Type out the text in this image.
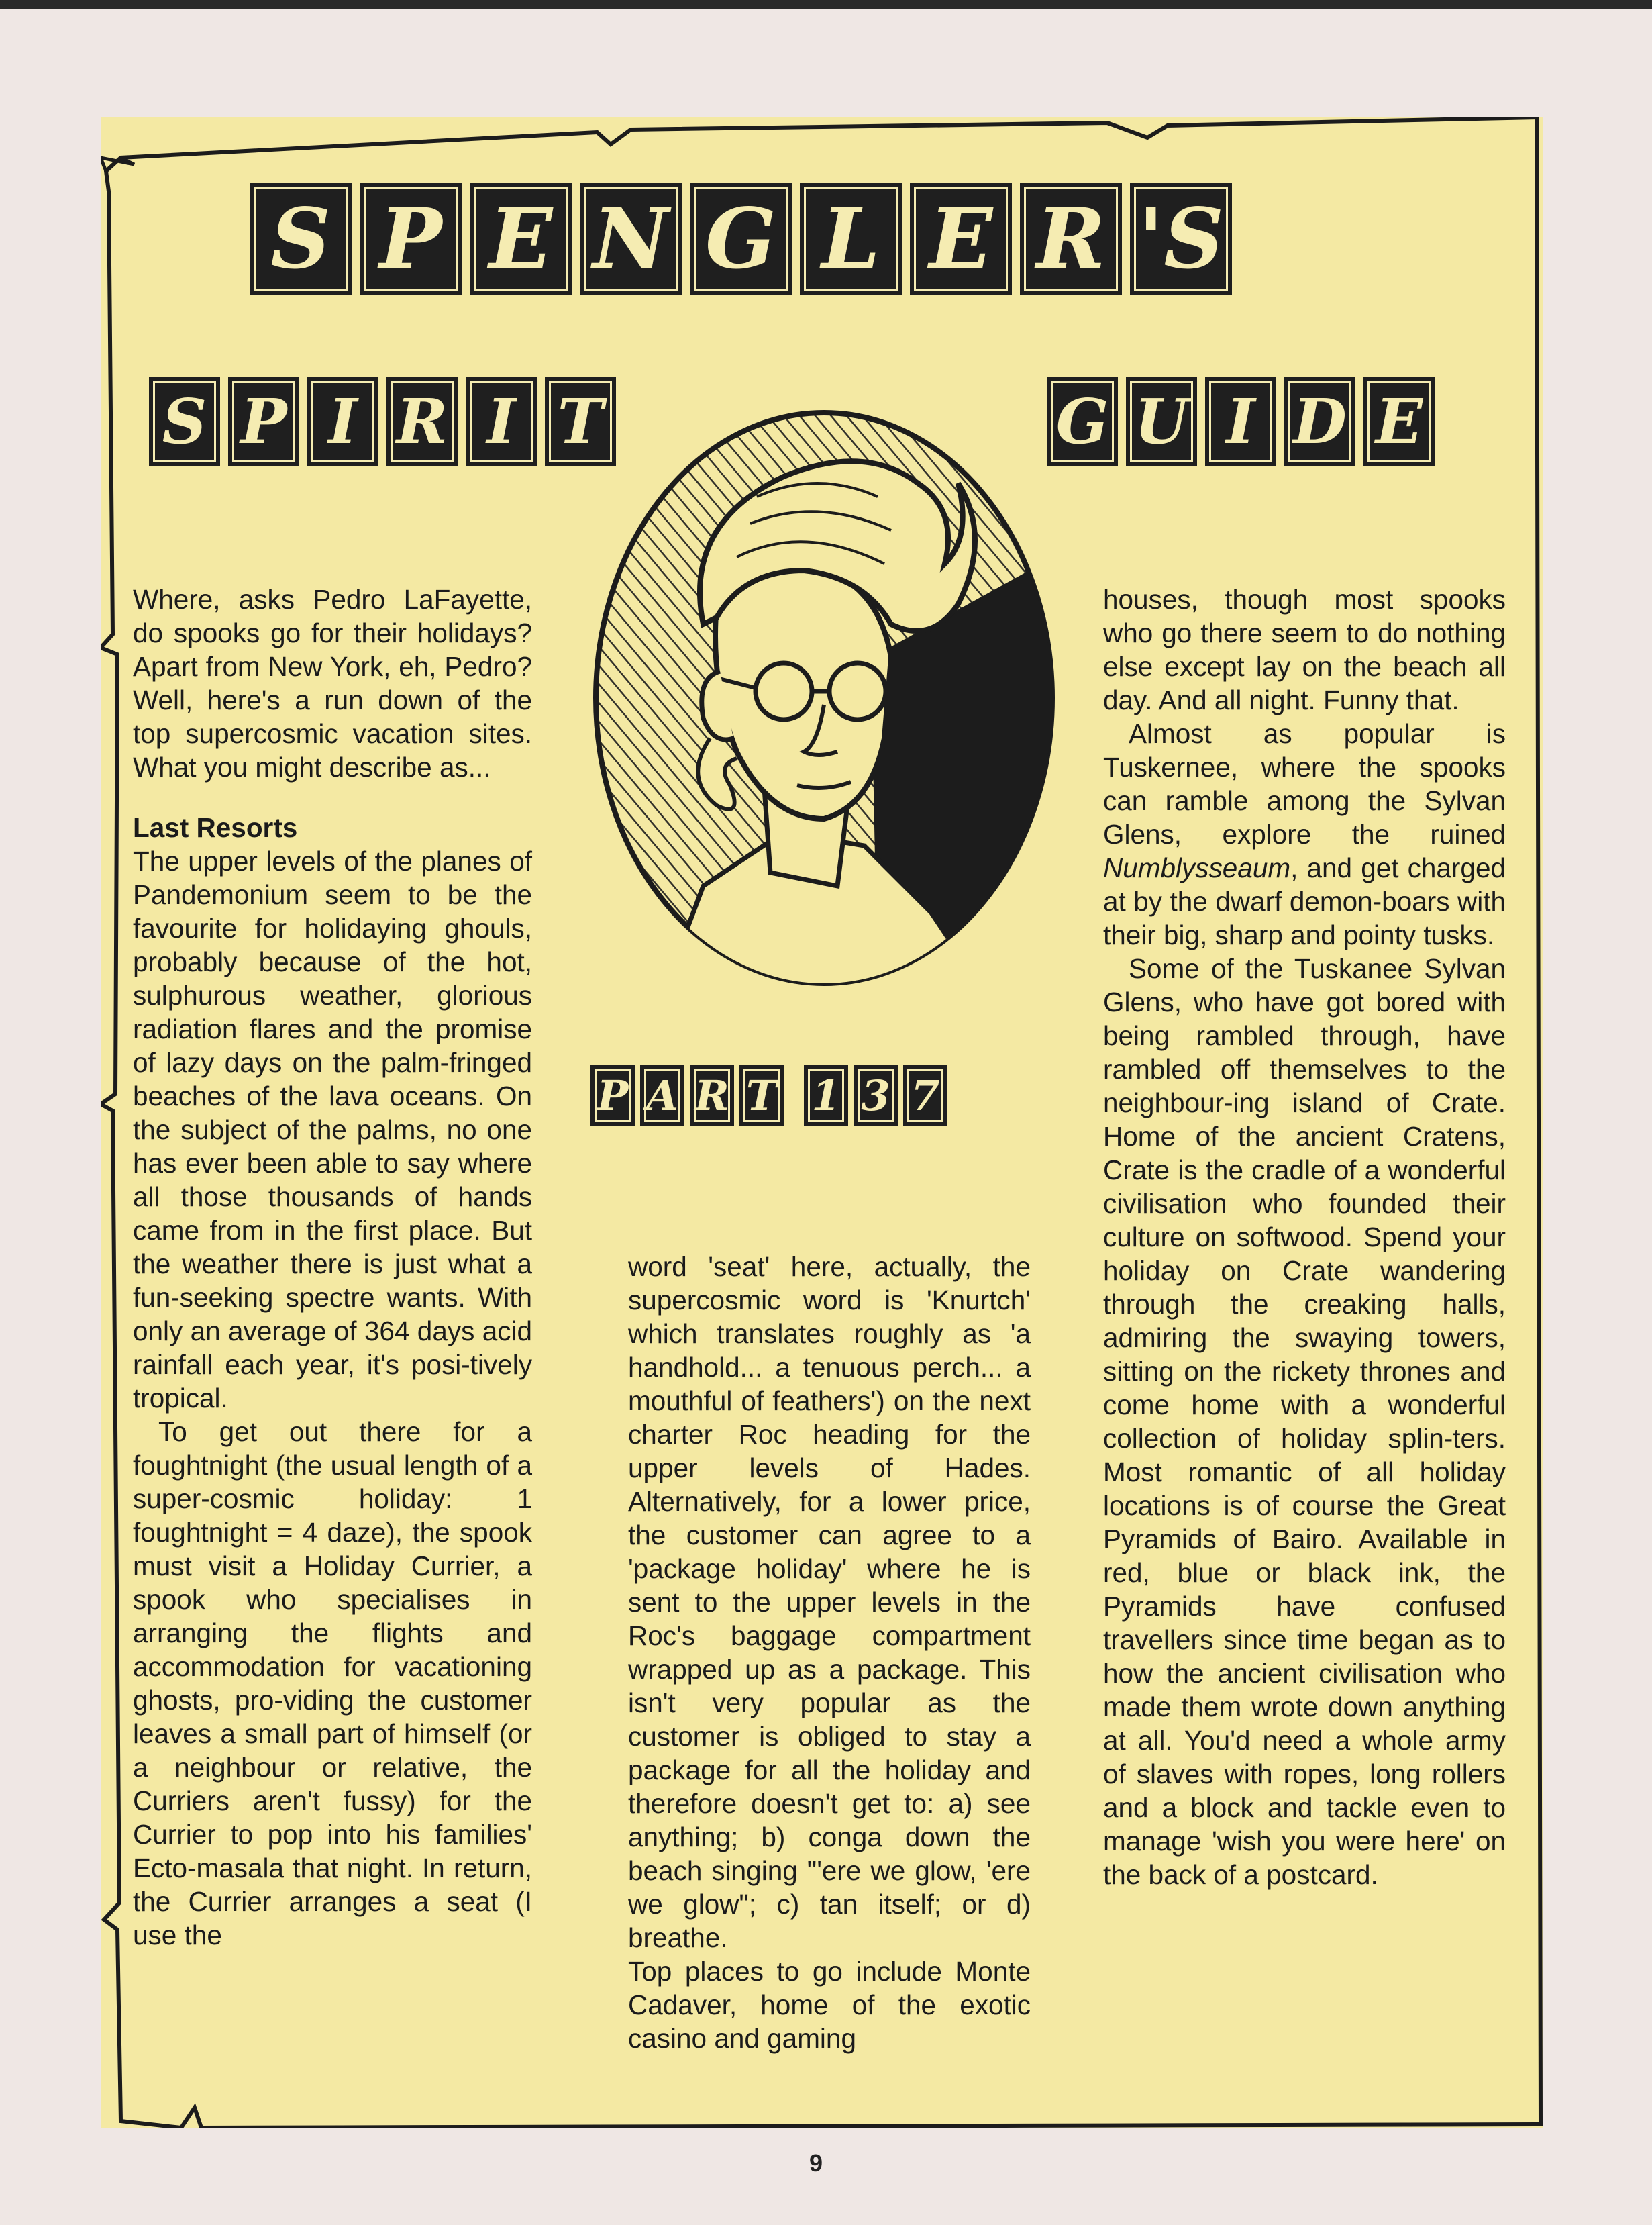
S P E N G L E R 'S
S P I R I T	G U I D E
P A R T 1 3 7

Where, asks Pedro LaFayette, do spooks go for their holidays? Apart from New York, eh, Pedro? Well, here's a run down of the top supercosmic vacation sites. What you might describe as...

Last Resorts

The upper levels of the planes of Pandemonium seem to be the favourite for holidaying ghouls, probably because of the hot, sulphurous weather, glorious radiation flares and the promise of lazy days on the palm-fringed beaches of the lava oceans. On the subject of the palms, no one has ever been able to say where all those thousands of hands came from in the first place. But the weather there is just what a fun-seeking spectre wants. With only an average of 364 days acid rainfall each year, it's posi-tively tropical.

To get out there for a foughtnight (the usual length of a super-cosmic holiday: 1 foughtnight = 4 daze), the spook must visit a Holiday Currier, a spook who specialises in arranging the flights and accommodation for vacationing ghosts, pro-viding the customer leaves a small part of himself (or a neighbour or relative, the Curriers aren't fussy) for the Currier to pop into his families' Ecto-masala that night. In return, the Currier arranges a seat (I use the

word 'seat' here, actually, the supercosmic word is 'Knurtch' which translates roughly as 'a handhold... a tenuous perch... a mouthful of feathers') on the next charter Roc heading for the upper levels of Hades. Alternatively, for a lower price, the customer can agree to a 'package holiday' where he is sent to the upper levels in the Roc's baggage compartment wrapped up as a package. This isn't very popular as the customer is obliged to stay a package for all the holiday and therefore doesn't get to: a) see anything; b) conga down the beach singing "'ere we glow, 'ere we glow"; c) tan itself; or d) breathe.

Top places to go include Monte Cadaver, home of the exotic casino and gaming

houses, though most spooks who go there seem to do nothing else except lay on the beach all day. And all night. Funny that.

Almost as popular is Tuskernee, where the spooks can ramble among the Sylvan Glens, explore the ruined Numblysseaum, and get charged at by the dwarf demon-boars with their big, sharp and pointy tusks.

Some of the Tuskanee Sylvan Glens, who have got bored with being rambled through, have rambled off themselves to the neighbour-ing island of Crate. Home of the ancient Cratens, Crate is the cradle of a wonderful civilisation who founded their culture on softwood. Spend your holiday on Crate wandering through the creaking halls, admiring the swaying towers, sitting on the rickety thrones and come home with a wonderful collection of holiday splin-ters. Most romantic of all holiday locations is of course the Great Pyramids of Bairo. Available in red, blue or black ink, the Pyramids have confused travellers since time began as to how the ancient civilisation who made them wrote down anything at all. You'd need a whole army of slaves with ropes, long rollers and a block and tackle even to manage 'wish you were here' on the back of a postcard.

9
